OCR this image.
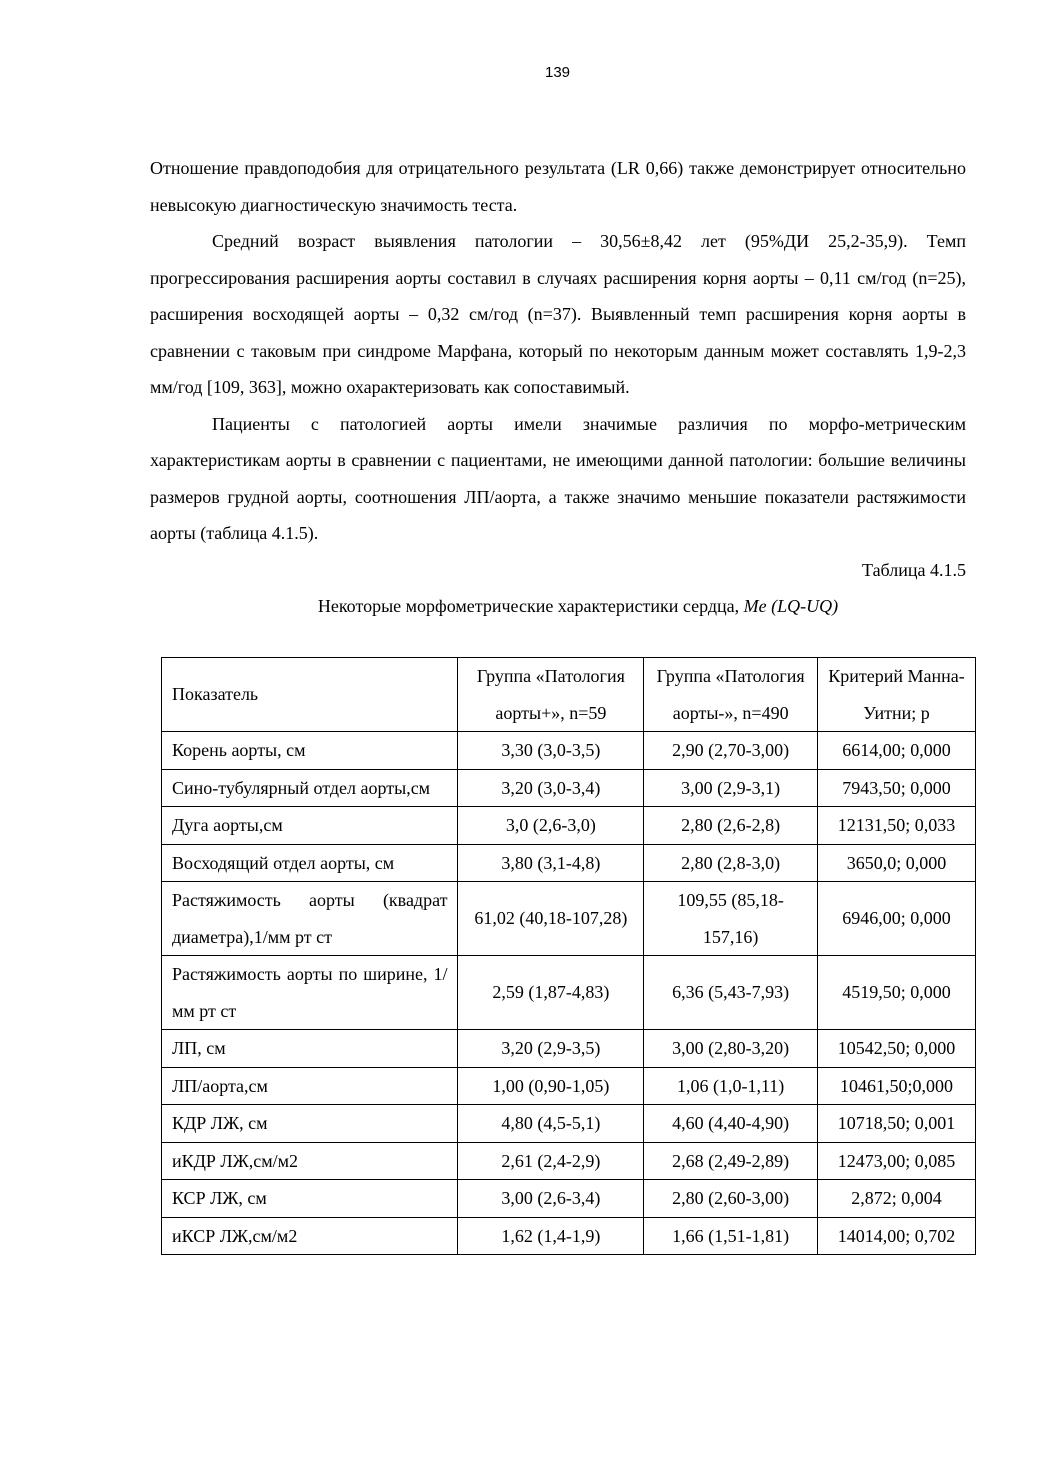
139

Отношение правдоподобия для отрицательного результата (LR 0,66) также демонстрирует относительно невысокую диагностическую значимость теста.

Средний возраст выявления патологии – 30,56±8,42 лет (95%ДИ 25,2-35,9). Темп прогрессирования расширения аорты составил в случаях расширения корня аорты – 0,11 см/год (n=25), расширения восходящей аорты – 0,32 см/год (n=37). Выявленный темп расширения корня аорты в сравнении с таковым при синдроме Марфана, который по некоторым данным может составлять 1,9-2,3 мм/год [109, 363], можно охарактеризовать как сопоставимый.

Пациенты с патологией аорты имели значимые различия по морфо-метрическим характеристикам аорты в сравнении с пациентами, не имеющими данной патологии: большие величины размеров грудной аорты, соотношения ЛП/аорта, а также значимо меньшие показатели растяжимости аорты (таблица 4.1.5).

Таблица 4.1.5

Некоторые морфометрические характеристики сердца, Me (LQ-UQ)

Показатель	Группа «Патология аорты+», n=59	Группа «Патология аорты-», n=490	Критерий Манна-Уитни; p
Корень аорты, см	3,30 (3,0-3,5)	2,90 (2,70-3,00)	6614,00; 0,000
Сино-тубулярный отдел аорты,см	3,20 (3,0-3,4)	3,00 (2,9-3,1)	7943,50; 0,000
Дуга аорты,см	3,0 (2,6-3,0)	2,80 (2,6-2,8)	12131,50; 0,033
Восходящий отдел аорты, см	3,80 (3,1-4,8)	2,80 (2,8-3,0)	3650,0; 0,000
Растяжимость аорты (квадрат диаметра),1/мм рт ст	61,02 (40,18-107,28)	109,55 (85,18-157,16)	6946,00; 0,000
Растяжимость аорты по ширине, 1/мм рт ст	2,59 (1,87-4,83)	6,36 (5,43-7,93)	4519,50; 0,000
ЛП, см	3,20 (2,9-3,5)	3,00 (2,80-3,20)	10542,50; 0,000
ЛП/аорта,см	1,00 (0,90-1,05)	1,06 (1,0-1,11)	10461,50;0,000
КДР ЛЖ, см	4,80 (4,5-5,1)	4,60 (4,40-4,90)	10718,50; 0,001
иКДР ЛЖ,см/м2	2,61 (2,4-2,9)	2,68 (2,49-2,89)	12473,00; 0,085
КСР ЛЖ, см	3,00 (2,6-3,4)	2,80 (2,60-3,00)	2,872; 0,004
иКСР ЛЖ,см/м2	1,62 (1,4-1,9)	1,66 (1,51-1,81)	14014,00; 0,702
